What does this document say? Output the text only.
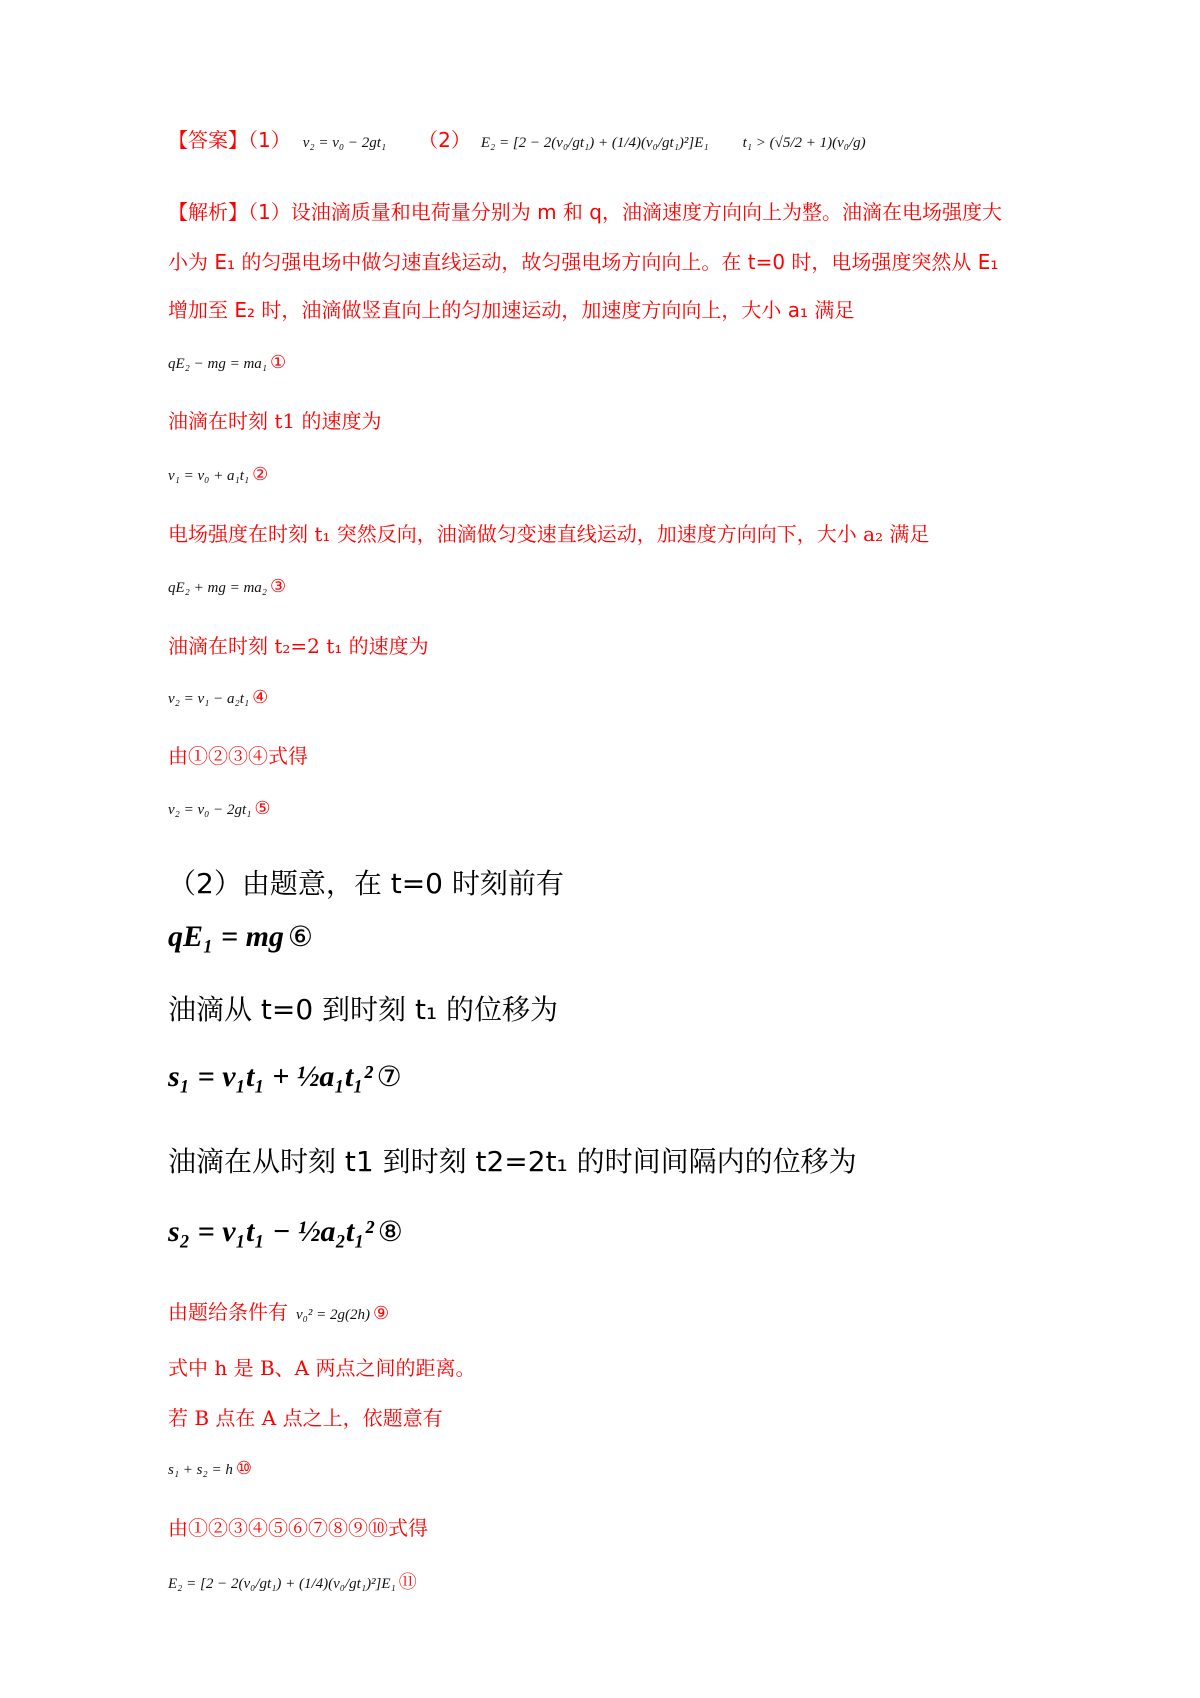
【答案】（1） v₂ = v₀ − 2gt₁ （2） E₂ = [2 − 2(v₀/gt₁) + (1/4)(v₀/gt₁)²]E₁ t₁ > (√5/2 + 1)(v₀/g)
【解析】（1）设油滴质量和电荷量分别为 m 和 q，油滴速度方向向上为整。油滴在电场强度大
小为 E₁ 的匀强电场中做匀速直线运动，故匀强电场方向向上。在 t=0 时，电场强度突然从 E₁
增加至 E₂ 时，油滴做竖直向上的匀加速运动，加速度方向向上，大小 a₁ 满足
qE₂ − mg = ma₁ ①
油滴在时刻 t1 的速度为
v₁ = v₀ + a₁t₁ ②
电场强度在时刻 t₁ 突然反向，油滴做匀变速直线运动，加速度方向向下，大小 a₂ 满足
qE₂ + mg = ma₂ ③
油滴在时刻 t₂=2 t₁ 的速度为
v₂ = v₁ − a₂t₁ ④
由①②③④式得
v₂ = v₀ − 2gt₁ ⑤
（2）由题意，在 t=0 时刻前有
qE₁ = mg ⑥
油滴从 t=0 到时刻 t₁ 的位移为
s₁ = v₁t₁ + ½a₁t₁² ⑦
油滴在从时刻 t1 到时刻 t2=2t₁ 的时间间隔内的位移为
s₂ = v₁t₁ − ½a₂t₁² ⑧
由题给条件有 v₀² = 2g(2h) ⑨
式中 h 是 B、A 两点之间的距离。
若 B 点在 A 点之上，依题意有
s₁ + s₂ = h ⑩
由①②③④⑤⑥⑦⑧⑨⑩式得
E₂ = [2 − 2(v₀/gt₁) + (1/4)(v₀/gt₁)²]E₁ ⑪
